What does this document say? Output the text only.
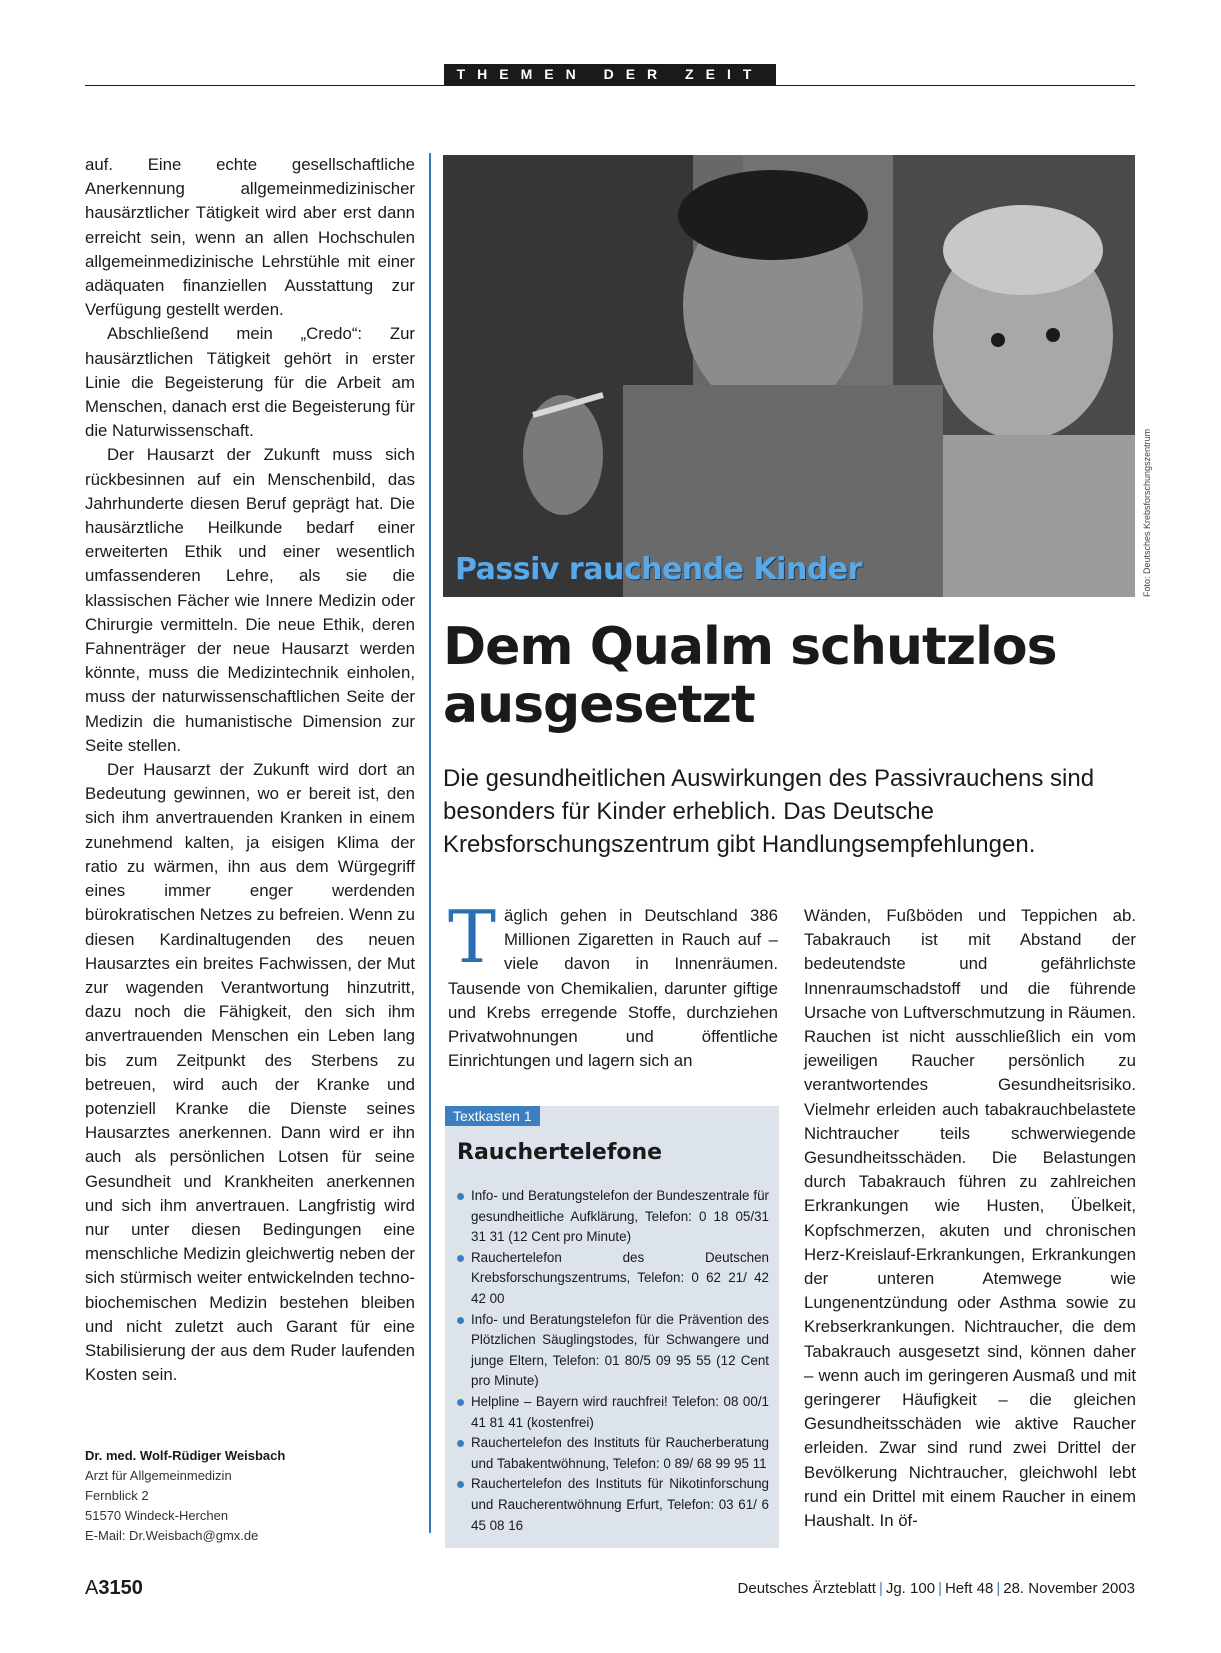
THEMEN DER ZEIT

auf. Eine echte gesellschaftliche Anerkennung allgemeinmedizinischer hausärztlicher Tätigkeit wird aber erst dann erreicht sein, wenn an allen Hochschulen allgemeinmedizinische Lehrstühle mit einer adäquaten finanziellen Ausstattung zur Verfügung gestellt werden.

Abschließend mein „Credo“: Zur hausärztlichen Tätigkeit gehört in erster Linie die Begeisterung für die Arbeit am Menschen, danach erst die Begeisterung für die Naturwissenschaft.

Der Hausarzt der Zukunft muss sich rückbesinnen auf ein Menschenbild, das Jahrhunderte diesen Beruf geprägt hat. Die hausärztliche Heilkunde bedarf einer erweiterten Ethik und einer wesentlich umfassenderen Lehre, als sie die klassischen Fächer wie Innere Medizin oder Chirurgie vermitteln. Die neue Ethik, deren Fahnenträger der neue Hausarzt werden könnte, muss die Medizintechnik einholen, muss der naturwissenschaftlichen Seite der Medizin die humanistische Dimension zur Seite stellen.

Der Hausarzt der Zukunft wird dort an Bedeutung gewinnen, wo er bereit ist, den sich ihm anvertrauenden Kranken in einem zunehmend kalten, ja eisigen Klima der ratio zu wärmen, ihn aus dem Würgegriff eines immer enger werdenden bürokratischen Netzes zu befreien. Wenn zu diesen Kardinaltugenden des neuen Hausarztes ein breites Fachwissen, der Mut zur wagenden Verantwortung hinzutritt, dazu noch die Fähigkeit, den sich ihm anvertrauenden Menschen ein Leben lang bis zum Zeitpunkt des Sterbens zu betreuen, wird auch der Kranke und potenziell Kranke die Dienste seines Hausarztes anerkennen. Dann wird er ihn auch als persönlichen Lotsen für seine Gesundheit und Krankheiten anerkennen und sich ihm anvertrauen. Langfristig wird nur unter diesen Bedingungen eine menschliche Medizin gleichwertig neben der sich stürmisch weiter entwickelnden techno-biochemischen Medizin bestehen bleiben und nicht zuletzt auch Garant für eine Stabilisierung der aus dem Ruder laufenden Kosten sein.

Dr. med. Wolf-Rüdiger Weisbach
Arzt für Allgemeinmedizin
Fernblick 2
51570 Windeck-Herchen
E-Mail: Dr.Weisbach@gmx.de
Passiv rauchende Kinder	Foto: Deutsches Krebsforschungszentrum
Dem Qualm schutzlos ausgesetzt
Die gesundheitlichen Auswirkungen des Passivrauchens sind besonders für Kinder erheblich. Das Deutsche Krebsforschungszentrum gibt Handlungsempfehlungen.
T äglich gehen in Deutschland 386 Millionen Zigaretten in Rauch auf – viele davon in Innenräumen. Tausende von Chemikalien, darunter giftige und Krebs erregende Stoffe, durchziehen Privatwohnungen und öffentliche Einrichtungen und lagern sich an
Textkasten 1
Rauchertelefone
Info- und Beratungstelefon der Bundeszentrale für gesundheitliche Aufklärung, Telefon: 0 18 05/31 31 31 (12 Cent pro Minute)
Rauchertelefon des Deutschen Krebsforschungszentrums, Telefon: 0 62 21/ 42 42 00
Info- und Beratungstelefon für die Prävention des Plötzlichen Säuglingstodes, für Schwangere und junge Eltern, Telefon: 01 80/5 09 95 55 (12 Cent pro Minute)
Helpline – Bayern wird rauchfrei! Telefon: 08 00/1 41 81 41 (kostenfrei)
Rauchertelefon des Instituts für Raucherberatung und Tabakentwöhnung, Telefon: 0 89/ 68 99 95 11
Rauchertelefon des Instituts für Nikotinforschung und Raucherentwöhnung Erfurt, Telefon: 03 61/ 6 45 08 16
Wänden, Fußböden und Teppichen ab. Tabakrauch ist mit Abstand der bedeutendste und gefährlichste Innenraumschadstoff und die führende Ursache von Luftverschmutzung in Räumen. Rauchen ist nicht ausschließlich ein vom jeweiligen Raucher persönlich zu verantwortendes Gesundheitsrisiko. Vielmehr erleiden auch tabakrauchbelastete Nichtraucher teils schwerwiegende Gesundheitsschäden. Die Belastungen durch Tabakrauch führen zu zahlreichen Erkrankungen wie Husten, Übelkeit, Kopfschmerzen, akuten und chronischen Herz-Kreislauf-Erkrankungen, Erkrankungen der unteren Atemwege wie Lungenentzündung oder Asthma sowie zu Krebserkrankungen. Nichtraucher, die dem Tabakrauch ausgesetzt sind, können daher – wenn auch im geringeren Ausmaß und mit geringerer Häufigkeit – die gleichen Gesundheitsschäden wie aktive Raucher erleiden. Zwar sind rund zwei Drittel der Bevölkerung Nichtraucher, gleichwohl lebt rund ein Drittel mit einem Raucher in einem Haushalt. In öf-
A3150	Deutsches Ärzteblatt | Jg. 100 | Heft 48 | 28. November 2003
